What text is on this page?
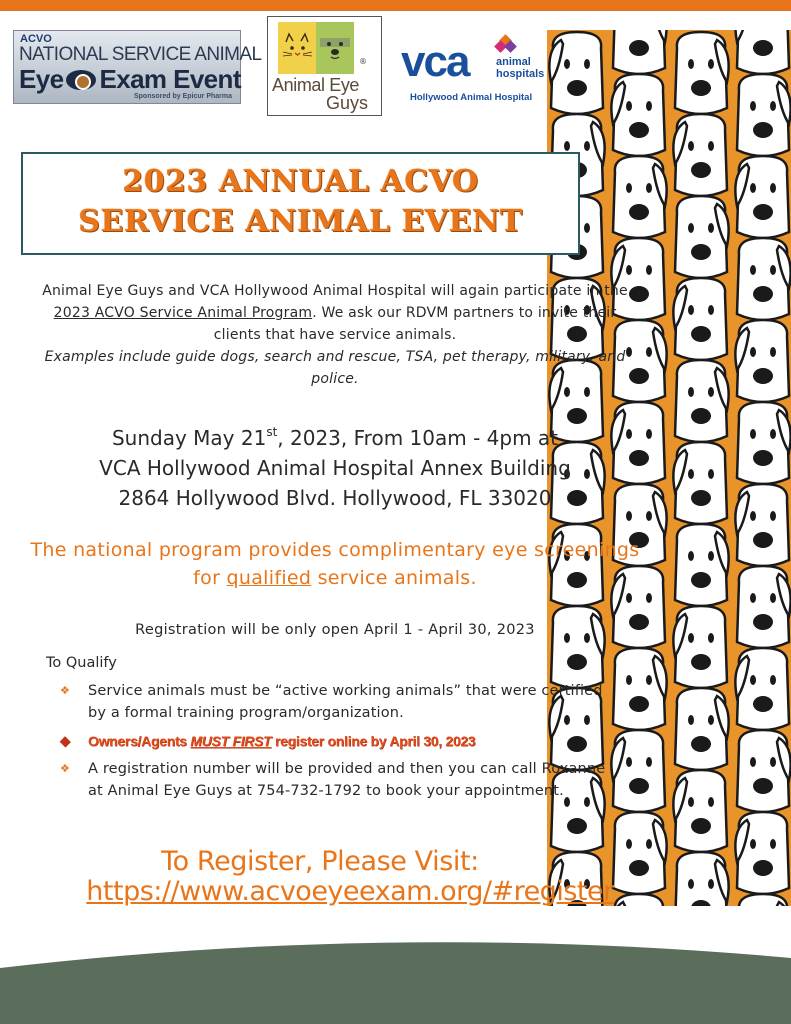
ACVO
NATIONAL SERVICE ANIMAL
Eye Exam Event
Sponsored by Epicur Pharma
®
Animal Eye
Guys
vca	animal
hospitals
Hollywood Animal Hospital
2023 ANNUAL ACVO
SERVICE ANIMAL EVENT
Animal Eye Guys and VCA Hollywood Animal Hospital will again participate in the 2023 ACVO Service Animal Program. We ask our RDVM partners to invite their clients that have service animals.
Examples include guide dogs, search and rescue, TSA, pet therapy, military, and police.
Sunday May 21st, 2023, From 10am - 4pm at
VCA Hollywood Animal Hospital Annex Building
2864 Hollywood Blvd. Hollywood, FL 33020
The national program provides complimentary eye screenings for qualified service animals.
Registration will be only open April 1 - April 30, 2023
To Qualify
❖ Service animals must be “active working animals” that were certified by a formal training program/organization.
◆ Owners/Agents MUST FIRST register online by April 30, 2023
❖ A registration number will be provided and then you can call Roxanne at Animal Eye Guys at 754-732-1792 to book your appointment.
To Register, Please Visit:
https://www.acvoeyeexam.org/#register
